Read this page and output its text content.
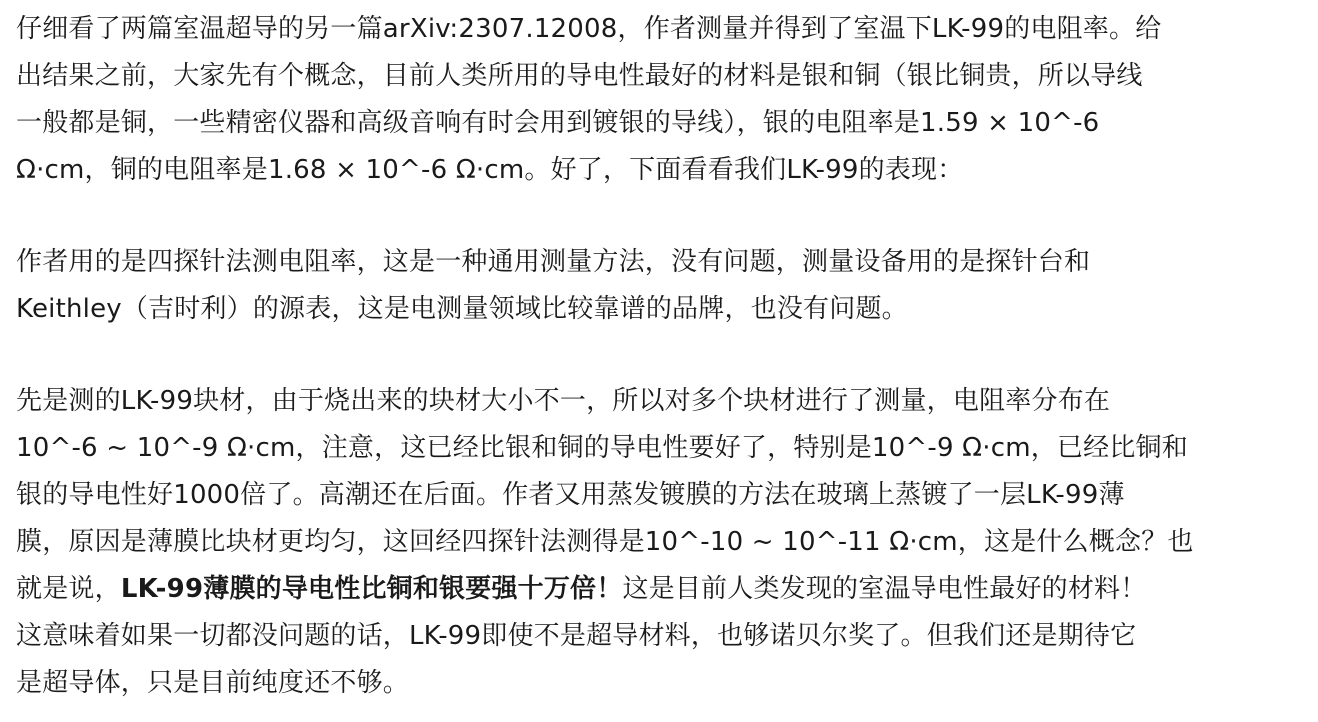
仔细看了两篇室温超导的另一篇arXiv:2307.12008，作者测量并得到了室温下LK-99的电阻率。给
出结果之前，大家先有个概念，目前人类所用的导电性最好的材料是银和铜（银比铜贵，所以导线
一般都是铜，一些精密仪器和高级音响有时会用到镀银的导线），银的电阻率是1.59 × 10^-6
Ω·cm，铜的电阻率是1.68 × 10^-6 Ω·cm。好了，下面看看我们LK-99的表现：
作者用的是四探针法测电阻率，这是一种通用测量方法，没有问题，测量设备用的是探针台和
Keithley（吉时利）的源表，这是电测量领域比较靠谱的品牌，也没有问题。
先是测的LK-99块材，由于烧出来的块材大小不一，所以对多个块材进行了测量，电阻率分布在
10^-6 ~ 10^-9 Ω·cm，注意，这已经比银和铜的导电性要好了，特别是10^-9 Ω·cm，已经比铜和
银的导电性好1000倍了。高潮还在后面。作者又用蒸发镀膜的方法在玻璃上蒸镀了一层LK-99薄
膜，原因是薄膜比块材更均匀，这回经四探针法测得是10^-10 ~ 10^-11 Ω·cm，这是什么概念？也
就是说，LK-99薄膜的导电性比铜和银要强十万倍！这是目前人类发现的室温导电性最好的材料！
这意味着如果一切都没问题的话，LK-99即使不是超导材料，也够诺贝尔奖了。但我们还是期待它
是超导体，只是目前纯度还不够。
